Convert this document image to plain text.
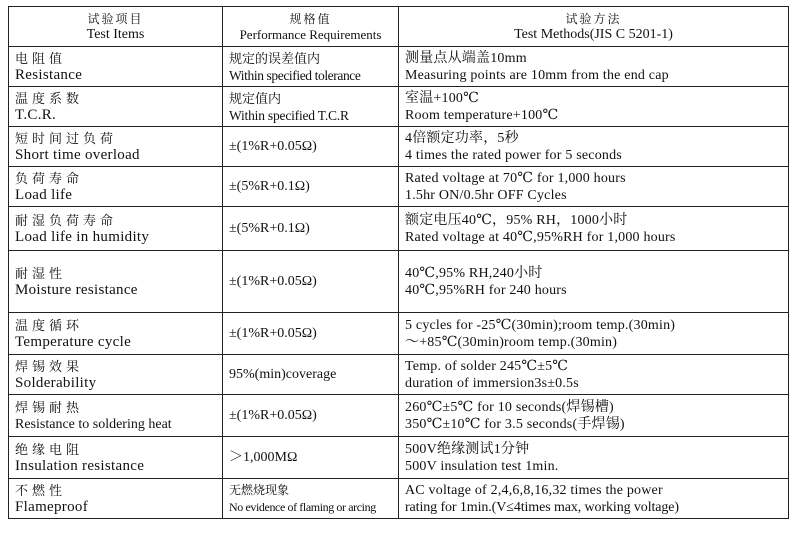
试验项目
Test Items	规格值
Performance Requirements	试验方法
Test Methods(JIS C 5201-1)

电阻值
Resistance	规定的误差值内
Within specified tolerance	测量点从端盖10mm
Measuring points are 10mm from the end cap

温度系数
T.C.R.	规定值内
Within specified T.C.R	室温+100℃
Room temperature+100℃

短时间过负荷
Short time overload	±(1%R+0.05Ω)	4倍额定功率，5秒
4 times the rated power for 5 seconds

负荷寿命
Load life	±(5%R+0.1Ω)	Rated voltage at 70℃ for 1,000 hours
1.5hr ON/0.5hr OFF Cycles

耐湿负荷寿命
Load life in humidity	±(5%R+0.1Ω)	额定电压40℃，95% RH，1000小时
Rated voltage at 40℃,95%RH for 1,000 hours

耐湿性
Moisture resistance	±(1%R+0.05Ω)	40℃,95% RH,240小时
40℃,95%RH for 240 hours

温度循环
Temperature cycle	±(1%R+0.05Ω)	5 cycles for -25℃(30min);room temp.(30min)
～+85℃(30min)room temp.(30min)

焊锡效果
Solderability	95%(min)coverage	Temp. of solder 245℃±5℃
duration of immersion3s±0.5s

焊锡耐热
Resistance to soldering heat	±(1%R+0.05Ω)	260℃±5℃ for 10 seconds(焊锡槽)
350℃±10℃ for 3.5 seconds(手焊锡)

绝缘电阻
Insulation resistance	＞1,000MΩ	500V绝缘测试1分钟
500V insulation test 1min.

不燃性
Flameproof	无燃烧现象
No evidence of flaming or arcing	AC voltage of 2,4,6,8,16,32 times the power
rating for 1min.(V≤4times max, working voltage)
